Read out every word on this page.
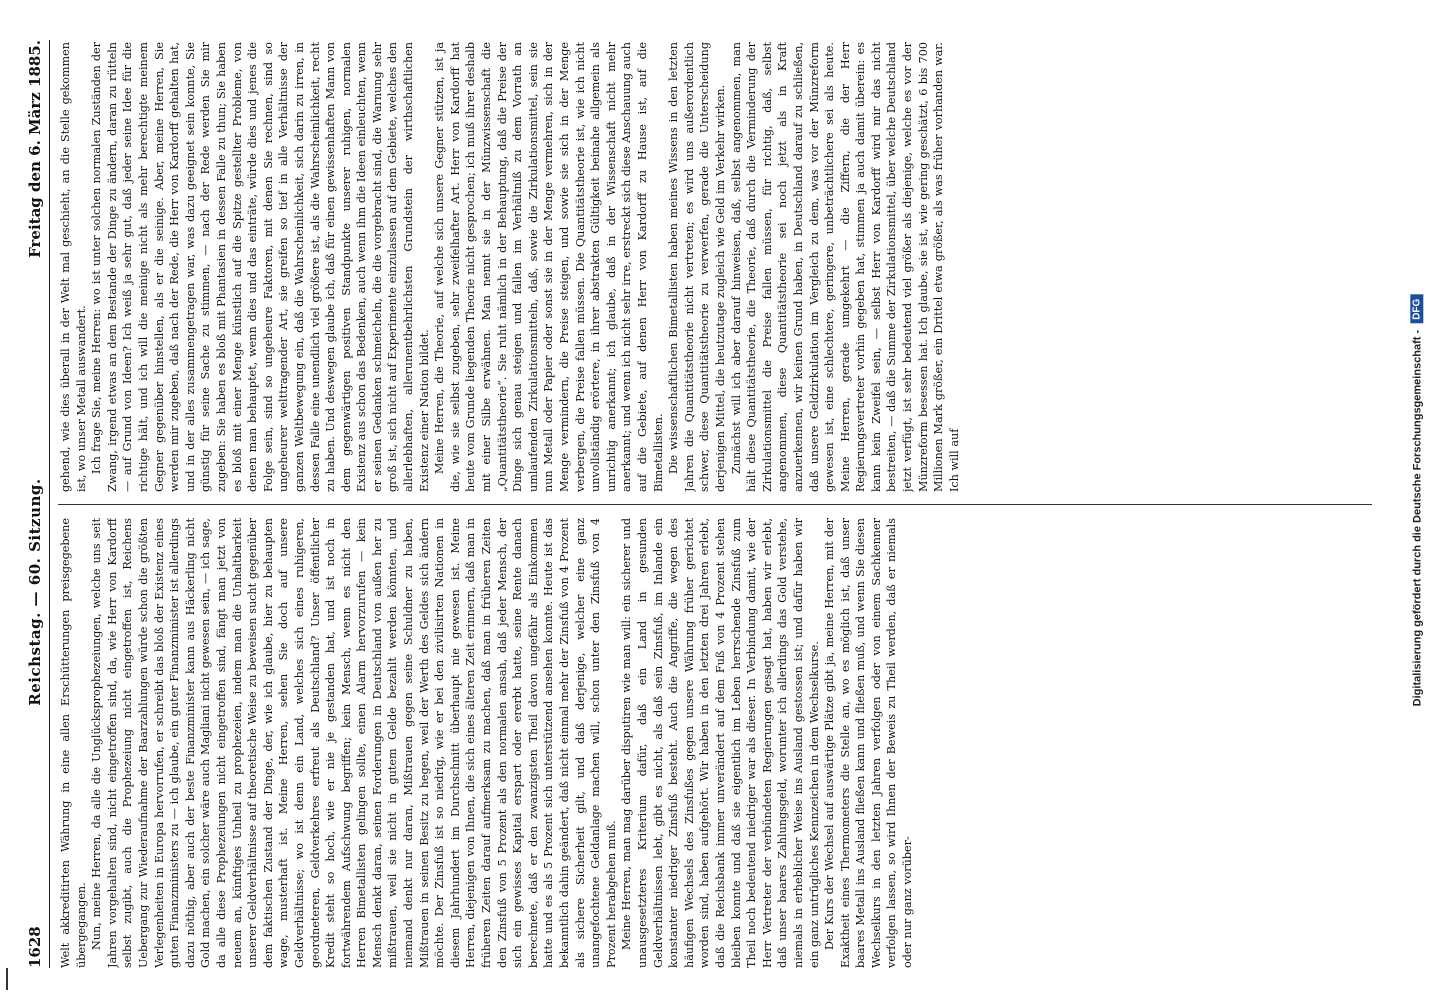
1628
Reichstag. — 60. Sitzung.
Freitag den 6. März 1885.

Welt akkreditirten Währung in eine allen Erschütterungen preisgegebene übergegangen. Nun, meine Herren, da alle die Unglücksprophezeiungen, welche uns seit Jahren vorgehalten sind, nicht eingetroffen sind, da, wie Herr von Kardorff selbst zugibt, auch die Prophezeiung nicht eingetroffen ist, Reichens Uebergang zur Wiederaufnahme der Baarzahlungen würde schon die größten Verlegenheiten in Europa hervorrufen, er schreibt das bloß der Existenz eines guten Finanzministers zu — ich glaube, ein guter Finanzminister ist allerdings dazu nöthig, aber auch der beste Finanzminister kann aus Häckerling nicht Gold machen, ein solcher wäre auch Magliani nicht gewesen sein, — ich sage, da alle diese Prophezeiungen nicht eingetroffen sind, fängt man jetzt von neuem an, künftiges Unheil zu prophezeien, indem man die Unhaltbarkeit unserer Geldverhältnisse auf theoretische Weise zu beweisen sucht gegenüber dem faktischen Zustand der Dinge, der, wie ich glaube, hier zu behaupten wage, musterhaft ist. Meine Herren, sehen Sie doch auf unsere Geldverhältnisse; wo ist denn ein Land, welches sich eines ruhigeren, geordneteren, Geldverkehres erfreut als Deutschland? Unser öffentlicher Kredit steht so hoch, wie er nie je gestanden hat, und ist noch in fortwährendem Aufschwung begriffen; kein Mensch, wenn es nicht den Herren Bimetallisten gelingen sollte, einen Alarm hervorzurufen — kein Mensch denkt daran, seinen Forderungen in Deutschland von außen her zu mißtrauen, weil sie nicht in gutem Gelde bezahlt werden könnten, und niemand denkt nur daran, Mißtrauen gegen seine Schuldner zu haben, Mißtrauen in seinen Besitz zu hegen, weil der Werth des Geldes sich ändern möchte. Der Zinsfuß ist so niedrig, wie er bei den zivilisirten Nationen in diesem Jahrhundert im Durchschnitt überhaupt nie gewesen ist. Meine Herren, diejenigen von Ihnen, die sich eines älteren Zeit erinnern, daß man in früheren Zeiten darauf aufmerksam zu machen, daß man in früheren Zeiten den Zinsfuß von 5 Prozent als den normalen ansah, daß jeder Mensch, der sich ein gewisses Kapital erspart oder ererbt hatte, seine Rente danach berechnete, daß er den zwanzigsten Theil davon ungefähr als Einkommen hatte und es als 5 Prozent sich unterstützend ansehen konnte. Heute ist das bekanntlich dahin geändert, daß nicht einmal mehr der Zinsfuß von 4 Prozent als sichere Sicherheit gilt, und daß derjenige, welcher eine ganz unangefochtene Geldanlage machen will, schon unter den Zinsfuß von 4 Prozent herabgehen muß. Meine Herren, man mag darüber disputiren wie man will: ein sicherer und unausgesetzteres Kriterium dafür, daß ein Land in gesunden Geldverhältnissen lebt, gibt es nicht, als daß sein Zinsfuß, im Inlande ein konstanter niedriger Zinsfuß besteht. Auch die Angriffe, die wegen des häufigen Wechsels des Zinsfußes gegen unsere Währung früher gerichtet worden sind, haben aufgehört. Wir haben in den letzten drei Jahren erlebt, daß die Reichsbank immer unverändert auf dem Fuß von 4 Prozent stehen bleiben konnte und daß sie eigentlich im Leben herrschende Zinsfuß zum Theil noch bedeutend niedriger war als dieser. In Verbindung damit, wie der Herr Vertreter der verbündeten Regierungen gesagt hat, haben wir erlebt, daß unser baares Zahlungsgeld, worunter ich allerdings das Gold verstehe, niemals in erheblicher Weise ins Ausland gestossen ist; und dafür haben wir ein ganz untrügliches Kennzeichen in dem Wechselkurse. Der Kurs der Wechsel auf auswärtige Plätze gibt ja, meine Herren, mit der Exaktheit eines Thermometers die Stelle an, wo es möglich ist, daß unser baares Metall ins Ausland fließen kann und fließen muß, und wenn Sie diesen Wechselkurs in den letzten Jahren verfolgen oder von einem Sachkenner verfolgen lassen, so wird Ihnen der Beweis zu Theil werden, daß er niemals oder nur ganz vorüber-

gehend, wie dies überall in der Welt mal geschieht, an die Stelle gekommen ist, wo unser Metall auswandert. Ich frage Sie, meine Herren: wo ist unter solchen normalen Zuständen der Zwang, irgend etwas an dem Bestande der Dinge zu ändern, daran zu rütteln — auf Grund von Ideen? Ich weiß ja sehr gut, daß jeder seine Idee für die richtige hält, und ich will die meinige nicht als mehr berechtigte meinem Gegner gegenüber hinstellen, als er die seinige. Aber, meine Herren, Sie werden mir zugeben, daß nach der Rede, die Herr von Kardorff gehalten hat, und in der alles zusammengetragen war, was dazu geeignet sein konnte, Sie günstig für seine Sache zu stimmen, — nach der Rede werden Sie mir zugeben: Sie haben es bloß mit Phantasien in dessen Falle zu thun; Sie haben es bloß mit einer Menge künstlich auf die Spitze gestellter Probleme, von denen man behauptet, wenn dies und das einträte, würde dies und jenes die Folge sein, sind so ungeheure Faktoren, mit denen Sie rechnen, sind so ungeheurer welttragender Art, sie greifen so tief in alle Verhältnisse der ganzen Weltbewegung ein, daß die Wahrscheinlichkeit, sich darin zu irren, in dessen Falle eine unendlich viel größere ist, als die Wahrscheinlichkeit, recht zu haben. Und deswegen glaube ich, daß für einen gewissenhaften Mann von dem gegenwärtigen positiven Standpunkte unserer ruhigen, normalen Existenz aus schon das Bedenken, auch wenn ihm die Ideen einleuchten, wenn er seinen Gedanken schmeicheln, die die vorgebracht sind, die Warnung sehr groß ist, sich nicht auf Experimente einzulassen auf dem Gebiete, welches den allerlebhaften, allerunentbehrlichsten Grundstein der wirthschaftlichen Existenz einer Nation bildet. Meine Herren, die Theorie, auf welche sich unsere Gegner stützen, ist ja die, wie sie selbst zugeben, sehr zweifelhafter Art. Herr von Kardorff hat heute vom Grunde liegenden Theorie nicht gesprochen; ich muß ihrer deshalb mit einer Silbe erwähnen. Man nennt sie in der Münzwissenschaft die „Quantitätstheorie“. Sie ruht nämlich in der Behauptung, daß die Preise der Dinge sich genau steigen und fallen im Verhältniß zu dem Vorrath an umlaufenden Zirkulationsmitteln, daß, sowie die Zirkulationsmittel, sein sie nun Metall oder Papier oder sonst sie in der Menge vermehren, sich in der Menge vermindern, die Preise steigen, und sowie sie sich in der Menge verbergen, die Preise fallen müssen. Die Quantitätstheorie ist, wie ich nicht unvollständig erörtere, in ihrer abstrakten Gültigkeit beinahe allgemein als unrichtig anerkannt; ich glaube, daß in der Wissenschaft nicht mehr anerkannt; und wenn ich nicht sehr irre, erstreckt sich diese Anschauung auch auf die Gebiete, auf denen Herr von Kardorff zu Hause ist, auf die Bimetallisten. Die wissenschaftlichen Bimetallisten haben meines Wissens in den letzten Jahren die Quantitätstheorie nicht vertreten; es wird uns außerordentlich schwer, diese Quantitätstheorie zu verwerfen, gerade die Unterscheidung derjenigen Mittel, die heutzutage zugleich wie Geld im Verkehr wirken. Zunächst will ich aber darauf hinweisen, daß, selbst angenommen, man hält diese Quantitätstheorie, die Theorie, daß durch die Verminderung der Zirkulationsmittel die Preise fallen müssen, für richtig, daß, selbst angenommen, diese Quantitätstheorie sei noch jetzt als in Kraft anzuerkennen, wir keinen Grund haben, in Deutschland darauf zu schließen, daß unsere Geldzirkulation im Vergleich zu dem, was vor der Münzreform gewesen ist, eine schlechtere, geringere, unbeträchtlichere sei als heute. Meine Herren, gerade umgekehrt — die Ziffern, die der Herr Regierungsvertreter vorhin gegeben hat, stimmen ja auch damit überein: es kann kein Zweifel sein, — selbst Herr von Kardorff wird mir das nicht bestreiten, — daß die Summe der Zirkulationsmittel, über welche Deutschland jetzt verfügt, ist sehr bedeutend viel größer als diejenige, welche es vor der Münzreform besessen hat. Ich glaube, sie ist, wie gering geschätzt, 6 bis 700 Millionen Mark größer, ein Drittel etwa größer, als was früher vorhanden war. Ich will auf	Digitalisierung gefördert durch die Deutsche Forschungsgemeinschaft -
DFG
